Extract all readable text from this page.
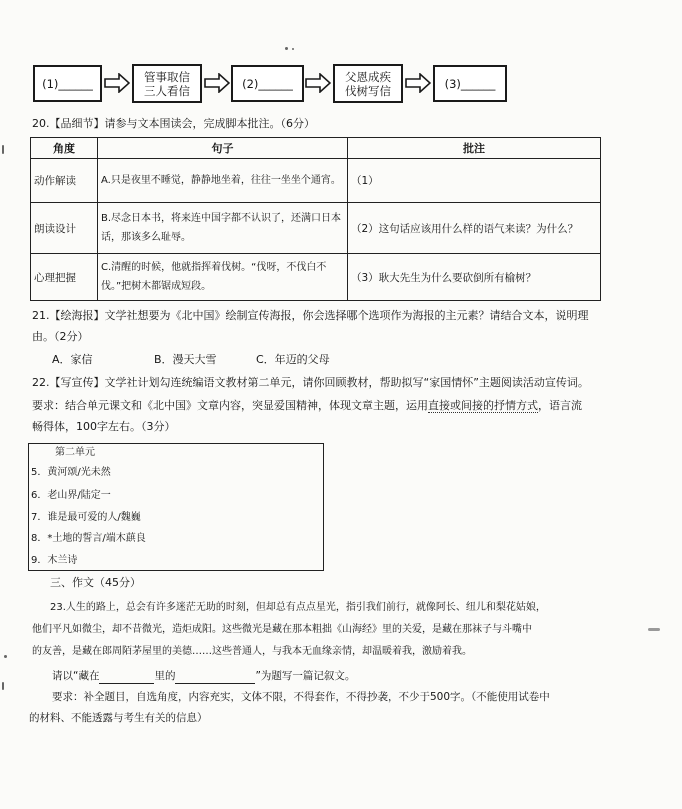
(1)______	管事取信
三人看信	(2)______	父恩成疾
伐树写信	(3)______
20.【品细节】请参与文本围读会，完成脚本批注。（6分）
角度	句子	批注
动作解读	A.只是夜里不睡觉，静静地坐着，往往一坐坐个通宵。	（1）
朗读设计	B.尽念日本书，将来连中国字都不认识了，还满口日本话，那该多么耻辱。	（2）这句话应该用什么样的语气来读？为什么？
心理把握	C.清醒的时候，他就指挥着伐树。“伐呀，不伐白不伐。”把树木都锯成短段。	（3）耿大先生为什么要砍倒所有榆树？
21.【绘海报】文学社想要为《北中国》绘制宣传海报，你会选择哪个选项作为海报的主元素？请结合文本，说明理
由。（2分）
A．家信	B．漫天大雪	C．年迈的父母
22.【写宣传】文学社计划勾连统编语文教材第二单元，请你回顾教材，帮助拟写“家国情怀”主题阅读活动宣传词。
要求：结合单元课文和《北中国》文章内容，突显爱国精神，体现文章主题，运用直接或间接的抒情方式，语言流
畅得体，100字左右。（3分）
第二单元
5．黄河颂/光未然
6．老山界/陆定一
7．谁是最可爱的人/魏巍
8．*土地的誓言/端木蕻良
9．木兰诗
三、作文（45分）
23.人生的路上，总会有许多迷茫无助的时刻，但却总有点点星光，指引我们前行，就像阿长、纽儿和梨花姑娘，
他们平凡如微尘，却不昔微光，造炬成阳。这些微光是藏在那本粗拙《山海经》里的关爱，是藏在那袜子与斗嘴中
的友善，是藏在郎周陌茅屋里的美德……这些普通人，与我本无血缘亲情，却温暖着我，激励着我。
请以“藏在	里的	”为题写一篇记叙文。
要求：补全题目，自选角度，内容充实，文体不限，不得套作，不得抄袭，不少于500字。（不能使用试卷中
的材料、不能透露与考生有关的信息）
